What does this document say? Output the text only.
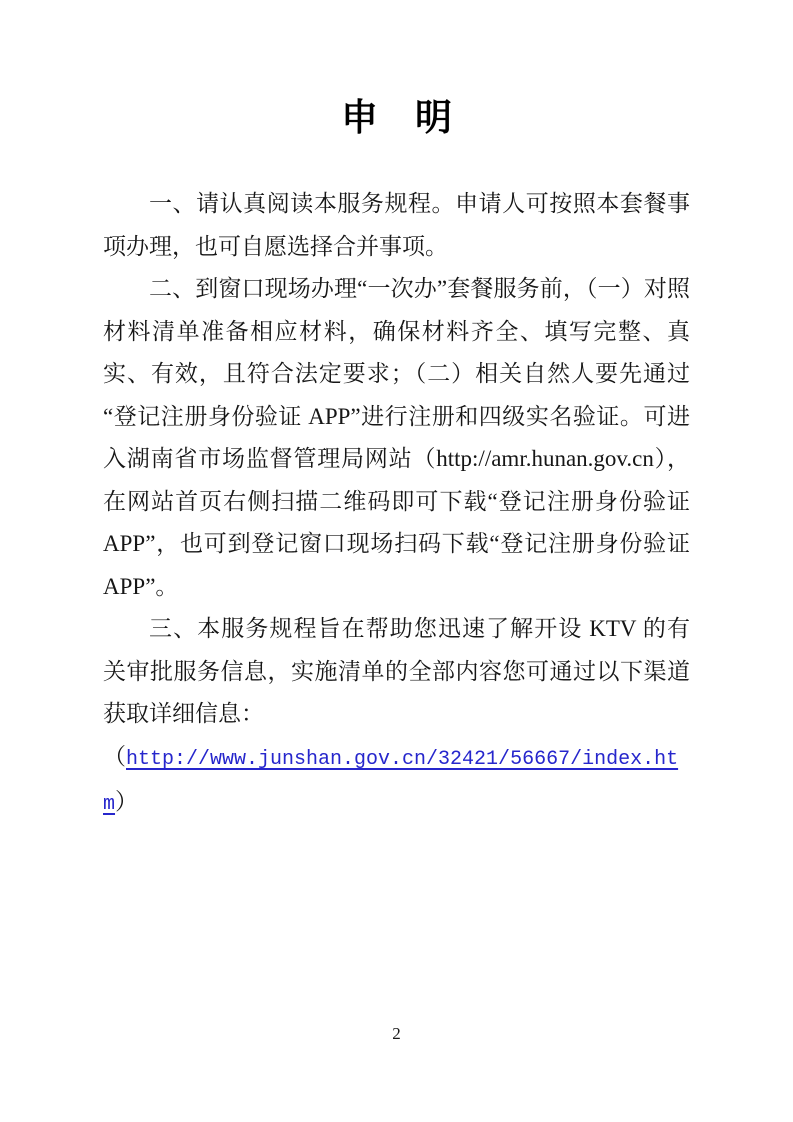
申　明

一、请认真阅读本服务规程。申请人可按照本套餐事项办理，也可自愿选择合并事项。

二、到窗口现场办理“一次办”套餐服务前，（一）对照材料清单准备相应材料，确保材料齐全、填写完整、真实、有效，且符合法定要求；（二）相关自然人要先通过“登记注册身份验证 APP”进行注册和四级实名验证。可进入湖南省市场监督管理局网站（http://amr.hunan.gov.cn），在网站首页右侧扫描二维码即可下载“登记注册身份验证 APP”，也可到登记窗口现场扫码下载“登记注册身份验证 APP”。

三、本服务规程旨在帮助您迅速了解开设 KTV 的有关审批服务信息，实施清单的全部内容您可通过以下渠道获取详细信息：

（http://www.junshan.gov.cn/32421/56667/index.htm）

2
